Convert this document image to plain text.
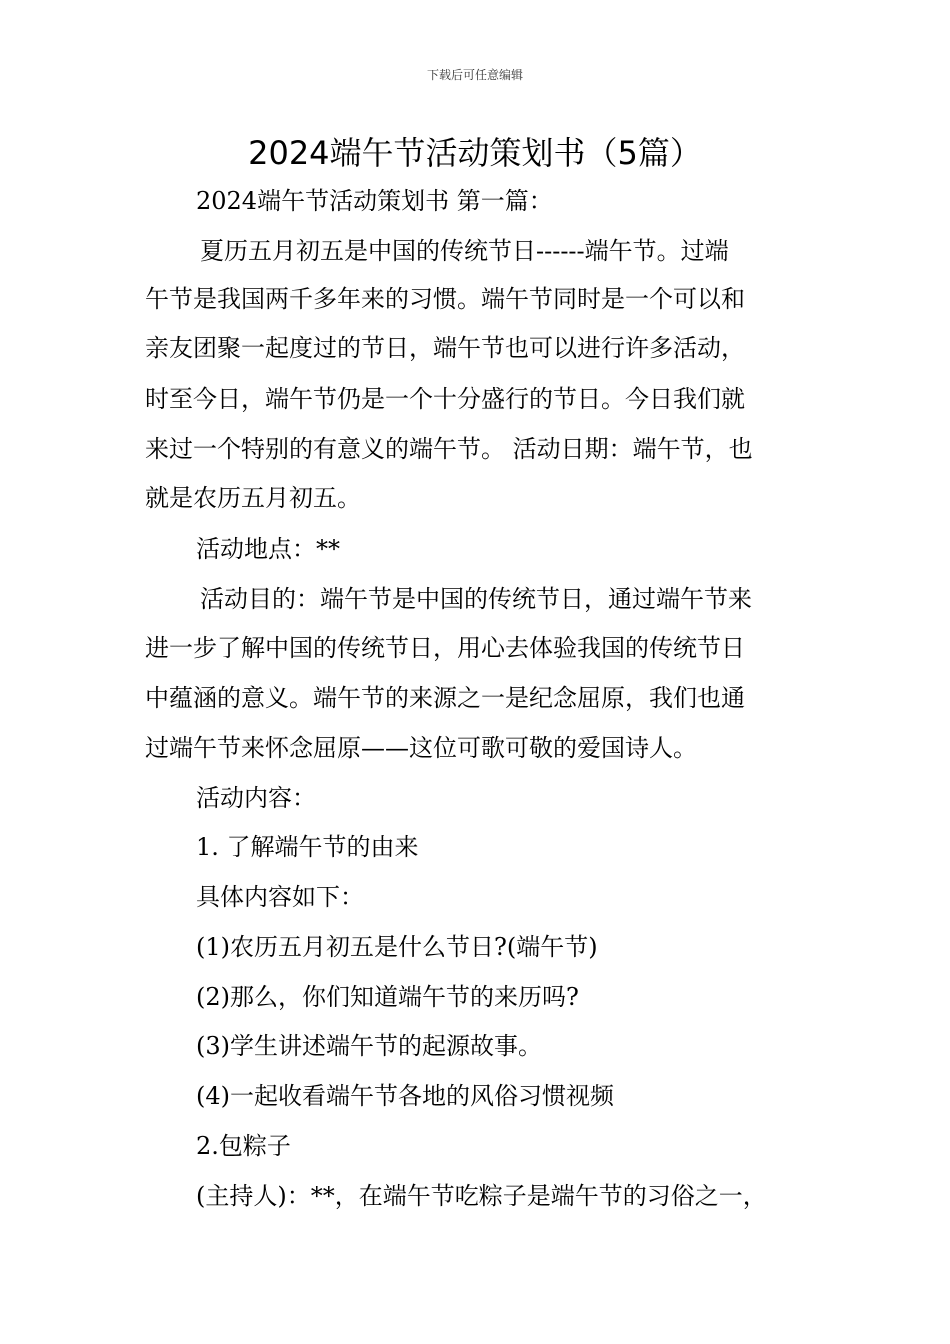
下载后可任意编辑
2024端午节活动策划书（5篇）
2024端午节活动策划书 第一篇：
夏历五月初五是中国的传统节日------端午节。过端
午节是我国两千多年来的习惯。端午节同时是一个可以和
亲友团聚一起度过的节日，端午节也可以进行许多活动，
时至今日，端午节仍是一个十分盛行的节日。今日我们就
来过一个特别的有意义的端午节。 活动日期：端午节，也
就是农历五月初五。
活动地点：**
活动目的：端午节是中国的传统节日，通过端午节来
进一步了解中国的传统节日，用心去体验我国的传统节日
中蕴涵的意义。端午节的来源之一是纪念屈原，我们也通
过端午节来怀念屈原——这位可歌可敬的爱国诗人。
活动内容：
1. 了解端午节的由来
具体内容如下：
(1)农历五月初五是什么节日?(端午节)
(2)那么，你们知道端午节的来历吗?
(3)学生讲述端午节的起源故事。
(4)一起收看端午节各地的风俗习惯视频
2.包粽子
(主持人)：**，在端午节吃粽子是端午节的习俗之一，
